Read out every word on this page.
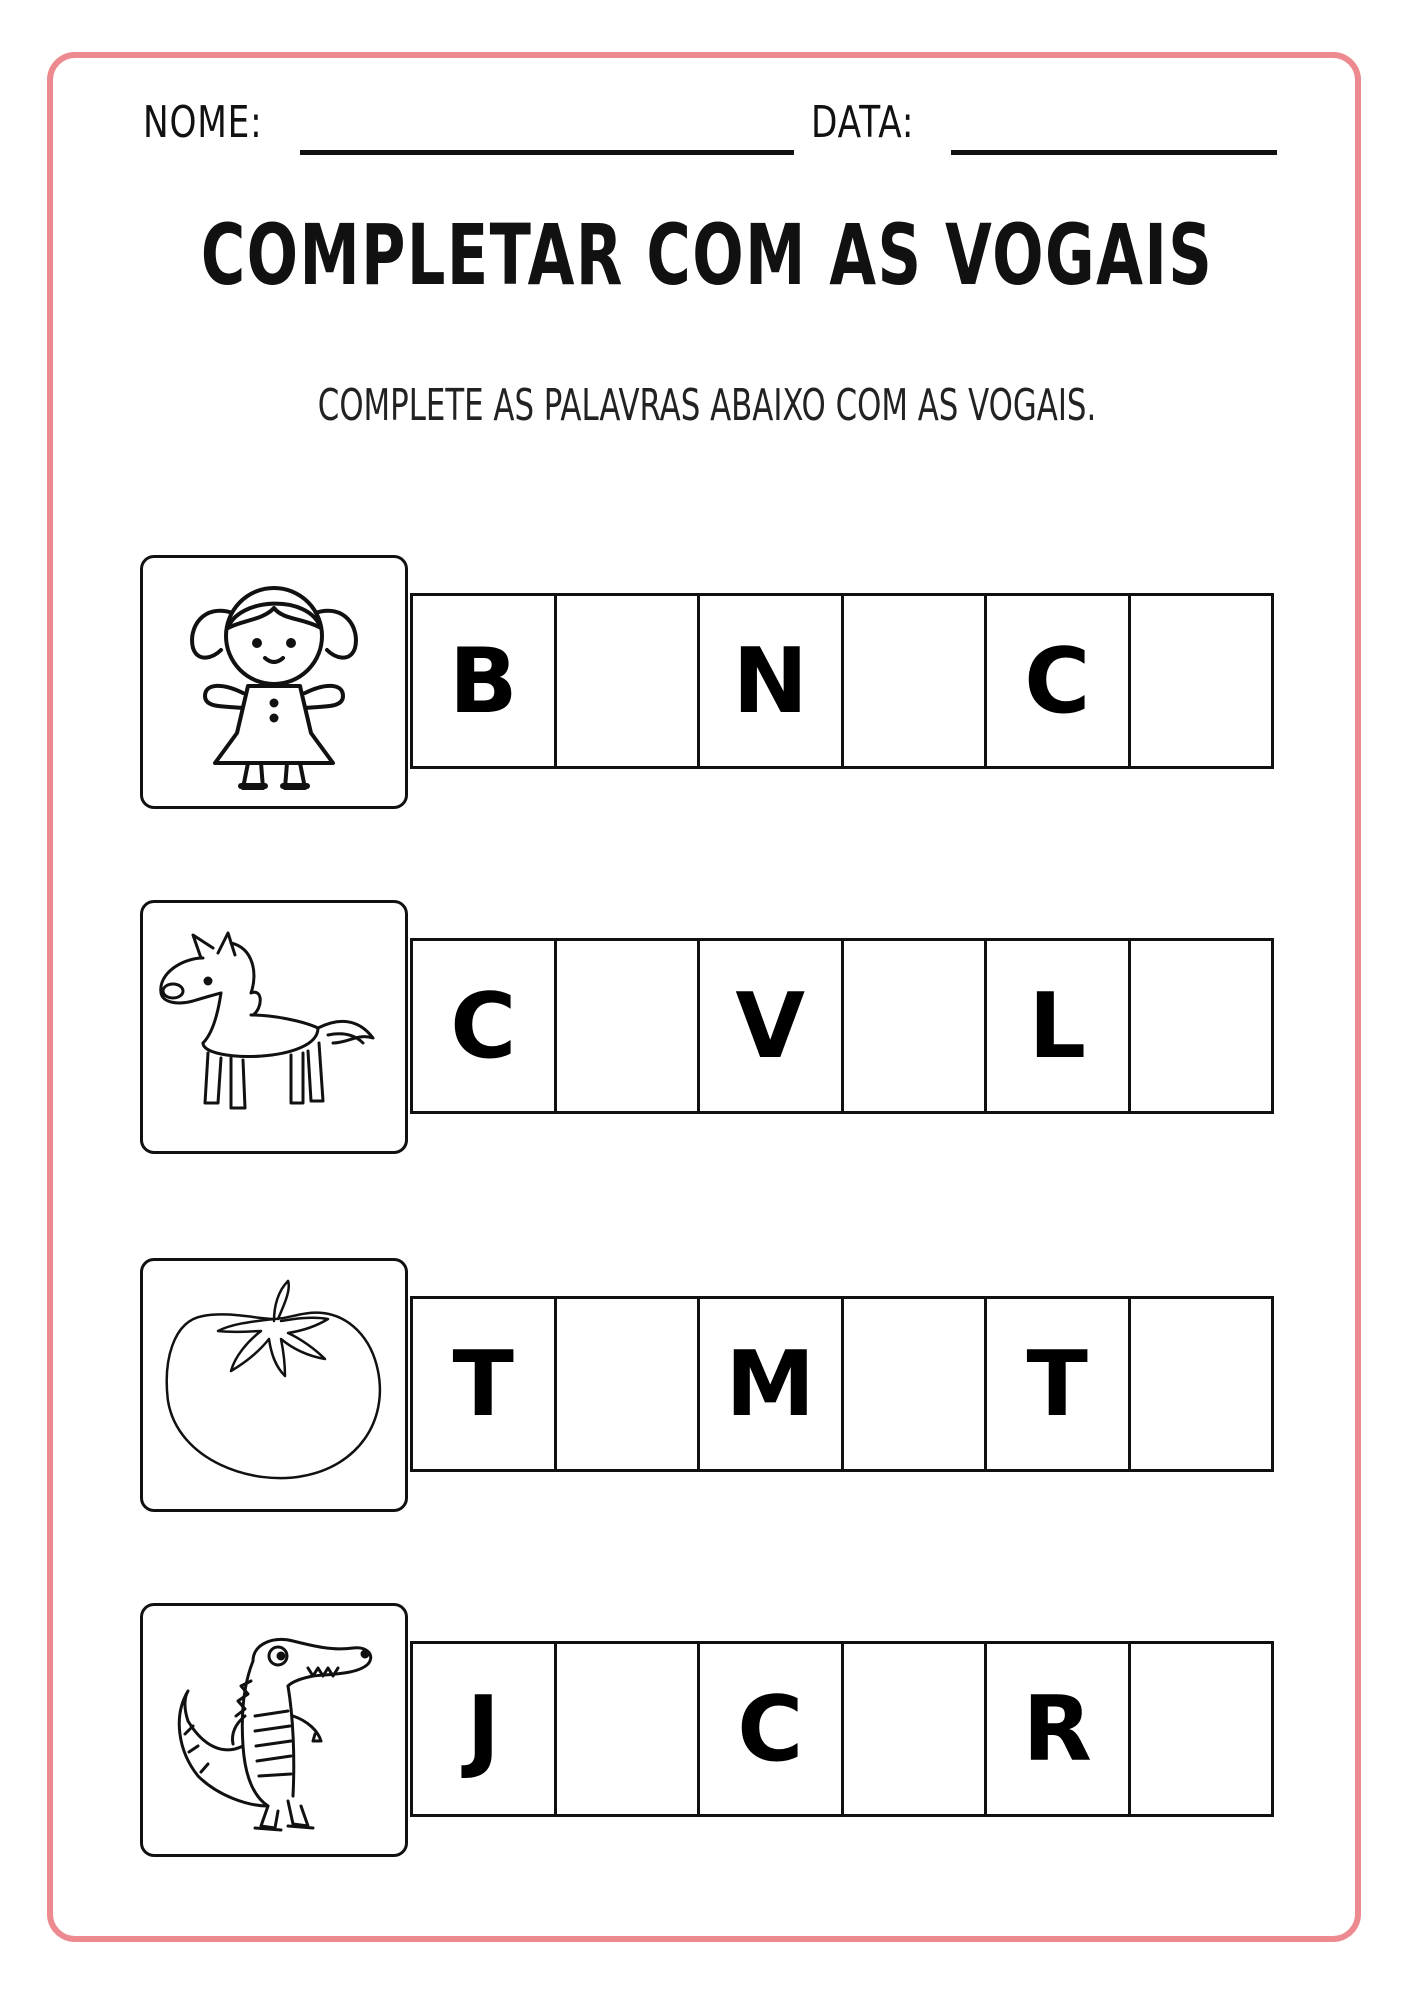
NOME:	DATA:
COMPLETAR COM AS VOGAIS
COMPLETE AS PALAVRAS ABAIXO COM AS VOGAIS.
B	N	C
C	V	L
T	M	T
J	C	R
